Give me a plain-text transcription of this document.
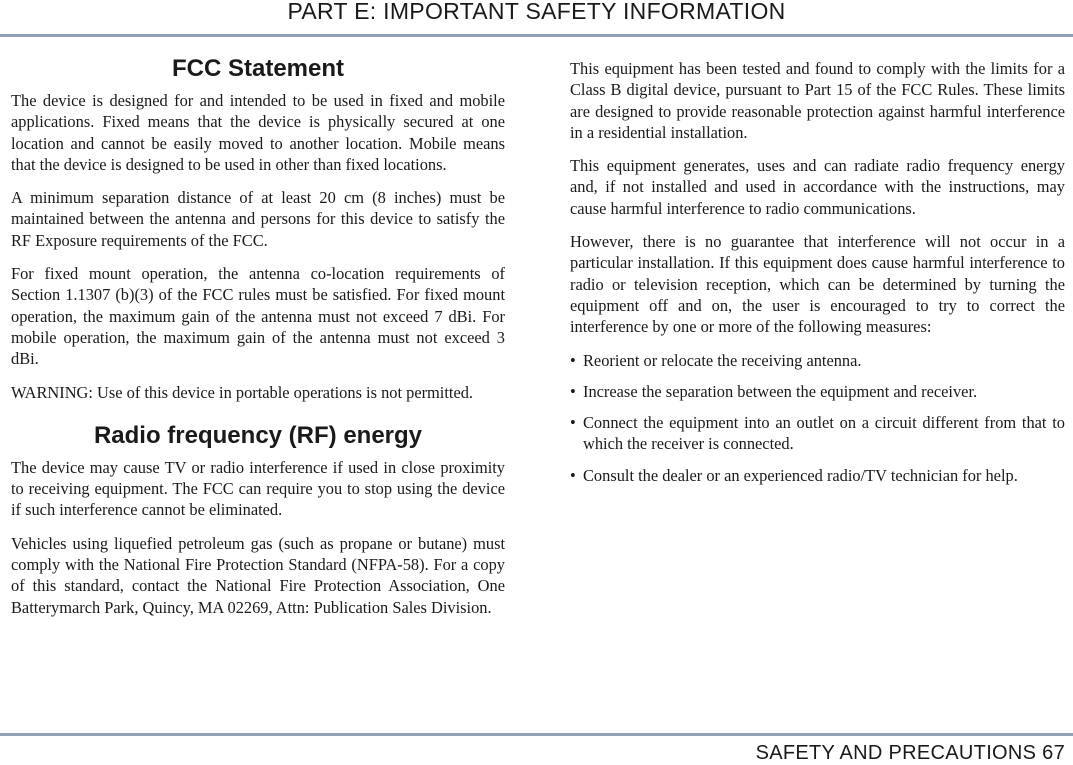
PART E: IMPORTANT SAFETY INFORMATION
FCC Statement

The device is designed for and intended to be used in fixed and mobile applications. Fixed means that the device is physically secured at one location and cannot be easily moved to another location. Mobile means that the device is designed to be used in other than fixed locations.

A minimum separation distance of at least 20 cm (8 inches) must be maintained between the antenna and persons for this device to satisfy the RF Exposure requirements of the FCC.

For fixed mount operation, the antenna co-location requirements of Section 1.1307 (b)(3) of the FCC rules must be satisfied. For fixed mount operation, the maximum gain of the antenna must not exceed 7 dBi. For mobile operation, the maximum gain of the antenna must not exceed 3 dBi.

WARNING: Use of this device in portable operations is not permitted.

Radio frequency (RF) energy

The device may cause TV or radio interference if used in close proximity to receiving equipment. The FCC can require you to stop using the device if such interference cannot be eliminated.

Vehicles using liquefied petroleum gas (such as propane or butane) must comply with the National Fire Protection Standard (NFPA-58). For a copy of this standard, contact the National Fire Protection Association, One Batterymarch Park, Quincy, MA 02269, Attn: Publication Sales Division.

This equipment has been tested and found to comply with the limits for a Class B digital device, pursuant to Part 15 of the FCC Rules. These limits are designed to provide reasonable protection against harmful interference in a residential installation.

This equipment generates, uses and can radiate radio frequency energy and, if not installed and used in accordance with the instructions, may cause harmful interference to radio communications.

However, there is no guarantee that interference will not occur in a particular installation. If this equipment does cause harmful interference to radio or television reception, which can be determined by turning the equipment off and on, the user is encouraged to try to correct the interference by one or more of the following measures:

• Reorient or relocate the receiving antenna.
• Increase the separation between the equipment and receiver.
• Connect the equipment into an outlet on a circuit different from that to which the receiver is connected.
• Consult the dealer or an experienced radio/TV technician for help.
SAFETY AND PRECAUTIONS 67
